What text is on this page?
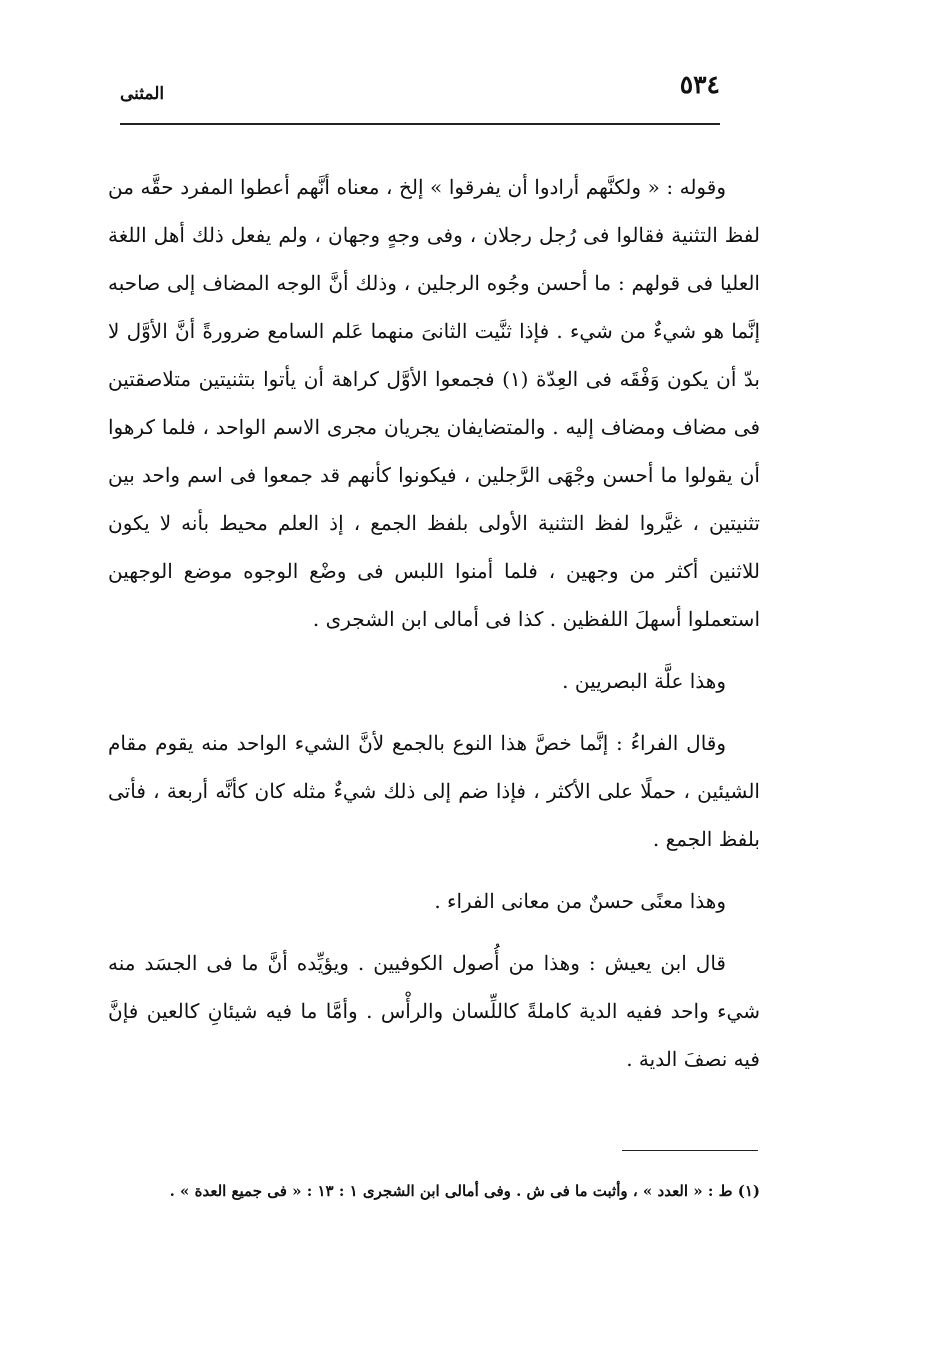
٥٣٤
المثنى

وقوله : « ولكنَّهم أرادوا أن يفرقوا » إلخ ، معناه أنَّهم أعطوا المفرد حقَّه من لفظ التثنية فقالوا فى رُجل رجلان ، وفى وجهٍ وجهان ، ولم يفعل ذلك أهل اللغة العليا فى قولهم : ما أحسن وجُوه الرجلين ، وذلك أنَّ الوجه المضاف إلى صاحبه إنَّما هو شيءٌ من شيء . فإذا ثنَّيت الثانىَ منهما عَلم السامع ضرورةً أنَّ الأوَّل لا بدّ أن يكون وَفْقَه فى العِدّة (١) فجمعوا الأوَّل كراهة أن يأتوا بتثنيتين متلاصقتين فى مضاف ومضاف إليه . والمتضايفان يجريان مجرى الاسم الواحد ، فلما كرهوا أن يقولوا ما أحسن وجْهَى الرَّجلين ، فيكونوا كأنهم قد جمعوا فى اسم واحد بين تثنيتين ، غيَّروا لفظ التثنية الأولى بلفظ الجمع ، إذ العلم محيط بأنه لا يكون للاثنين أكثر من وجهين ، فلما أمنوا اللبس فى وضْع الوجوه موضع الوجهين استعملوا أسهلَ اللفظين . كذا فى أمالى ابن الشجرى .

وهذا علَّة البصريين .

وقال الفراءُ : إنَّما خصَّ هذا النوع بالجمع لأنَّ الشيء الواحد منه يقوم مقام الشيئين ، حملًا على الأكثر ، فإذا ضم إلى ذلك شيءٌ مثله كان كأنَّه أربعة ، فأتى بلفظ الجمع .

وهذا معنًى حسنٌ من معانى الفراء .

قال ابن يعيش : وهذا من أُصول الكوفيين . ويؤيِّده أنَّ ما فى الجسَد منه شيء واحد ففيه الدية كاملةً كاللِّسان والرأْس . وأمَّا ما فيه شيئانِ كالعين فإنَّ فيه نصفَ الدية .

(١) ط : « العدد » ، وأثبت ما فى ش . وفى أمالى ابن الشجرى ١ : ١٣ : « فى جميع العدة » .
